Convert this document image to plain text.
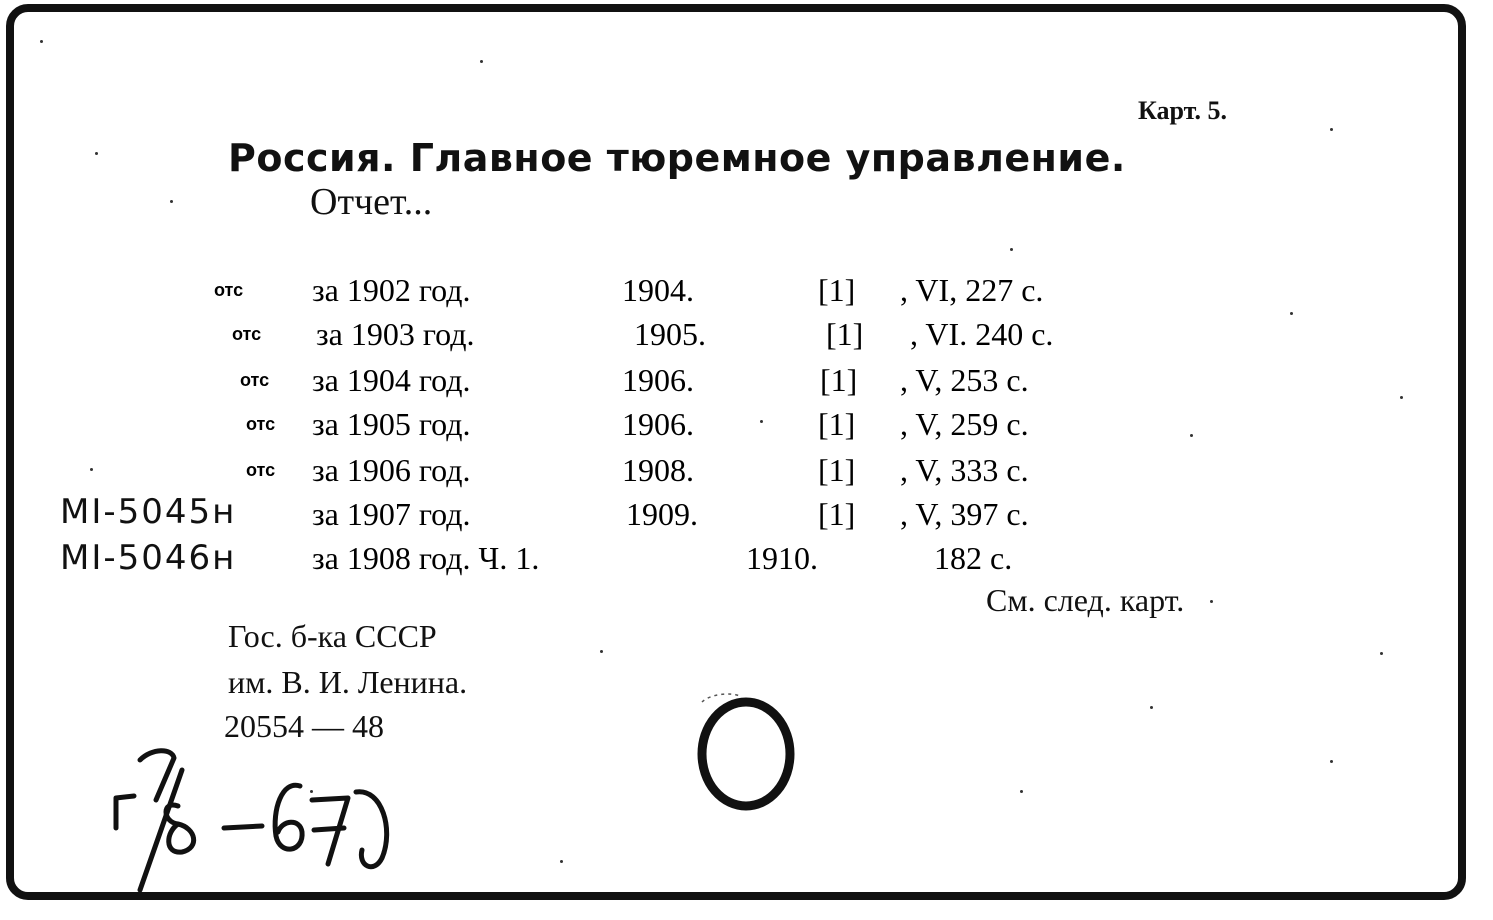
Карт. 5.
Россия. Главное тюремное управление.
Отчет...
отс за 1902 год.	1904.	[1] , VI, 227 с.
отс за 1903 год.	1905.	[1] , VI. 240 с.
отс за 1904 год.	1906.	[1] , V, 253 с.
отс за 1905 год.	1906.	[1] , V, 259 с.
отс за 1906 год.	1908.	[1] , V, 333 с.
MI-5045н за 1907 год.	1909.	[1] , V, 397 с.
MI-5046н за 1908 год. Ч. 1.	1910.	182 с.
См. след. карт.
Гос. б-ка СССР
им. В. И. Ленина.
20554 — 48
